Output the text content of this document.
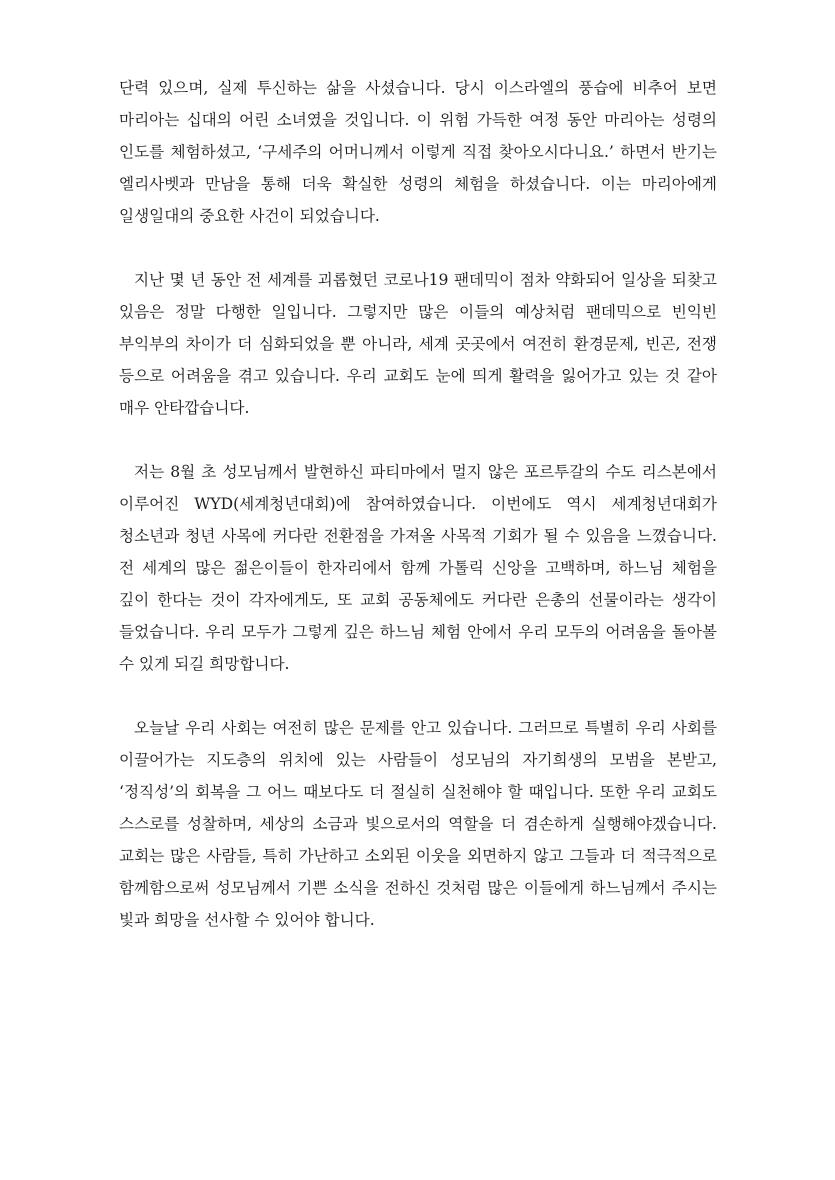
단력 있으며, 실제 투신하는 삶을 사셨습니다. 당시 이스라엘의 풍습에 비추어 보면 마리아는 십대의 어린 소녀였을 것입니다. 이 위험 가득한 여정 동안 마리아는 성령의 인도를 체험하셨고, ‘구세주의 어머니께서 이렇게 직접 찾아오시다니요.’ 하면서 반기는 엘리사벳과 만남을 통해 더욱 확실한 성령의 체험을 하셨습니다. 이는 마리아에게 일생일대의 중요한 사건이 되었습니다.

지난 몇 년 동안 전 세계를 괴롭혔던 코로나19 팬데믹이 점차 약화되어 일상을 되찾고 있음은 정말 다행한 일입니다. 그렇지만 많은 이들의 예상처럼 팬데믹으로 빈익빈 부익부의 차이가 더 심화되었을 뿐 아니라, 세계 곳곳에서 여전히 환경문제, 빈곤, 전쟁 등으로 어려움을 겪고 있습니다. 우리 교회도 눈에 띄게 활력을 잃어가고 있는 것 같아 매우 안타깝습니다.

저는 8월 초 성모님께서 발현하신 파티마에서 멀지 않은 포르투갈의 수도 리스본에서 이루어진 WYD(세계청년대회)에 참여하였습니다. 이번에도 역시 세계청년대회가 청소년과 청년 사목에 커다란 전환점을 가져올 사목적 기회가 될 수 있음을 느꼈습니다. 전 세계의 많은 젊은이들이 한자리에서 함께 가톨릭 신앙을 고백하며, 하느님 체험을 깊이 한다는 것이 각자에게도, 또 교회 공동체에도 커다란 은총의 선물이라는 생각이 들었습니다. 우리 모두가 그렇게 깊은 하느님 체험 안에서 우리 모두의 어려움을 돌아볼 수 있게 되길 희망합니다.

오늘날 우리 사회는 여전히 많은 문제를 안고 있습니다. 그러므로 특별히 우리 사회를 이끌어가는 지도층의 위치에 있는 사람들이 성모님의 자기희생의 모범을 본받고, ‘정직성’의 회복을 그 어느 때보다도 더 절실히 실천해야 할 때입니다. 또한 우리 교회도 스스로를 성찰하며, 세상의 소금과 빛으로서의 역할을 더 겸손하게 실행해야겠습니다. 교회는 많은 사람들, 특히 가난하고 소외된 이웃을 외면하지 않고 그들과 더 적극적으로 함께함으로써 성모님께서 기쁜 소식을 전하신 것처럼 많은 이들에게 하느님께서 주시는 빛과 희망을 선사할 수 있어야 합니다.
